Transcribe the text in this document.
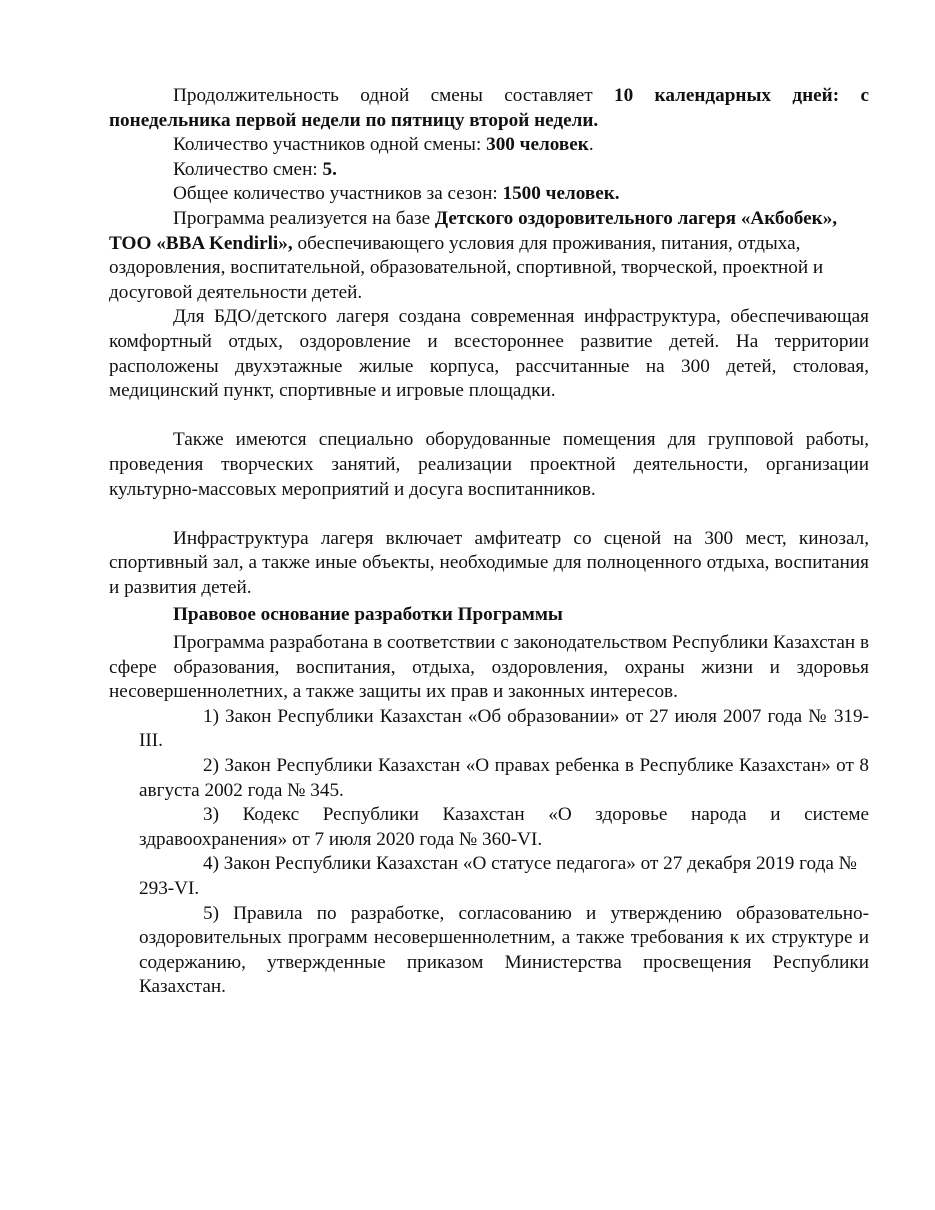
Продолжительность одной смены составляет 10 календарных дней: с понедельника первой недели по пятницу второй недели.

Количество участников одной смены: 300 человек.

Количество смен: 5.

Общее количество участников за сезон: 1500 человек.

Программа реализуется на базе Детского оздоровительного лагеря «Акбобек», ТОО «BBA Kendirli», обеспечивающего условия для проживания, питания, отдыха, оздоровления, воспитательной, образовательной, спортивной, творческой, проектной и досуговой деятельности детей.

Для БДО/детского лагеря создана современная инфраструктура, обеспечивающая комфортный отдых, оздоровление и всестороннее развитие детей. На территории расположены двухэтажные жилые корпуса, рассчитанные на 300 детей, столовая, медицинский пункт, спортивные и игровые площадки.

Также имеются специально оборудованные помещения для групповой работы, проведения творческих занятий, реализации проектной деятельности, организации культурно-массовых мероприятий и досуга воспитанников.

Инфраструктура лагеря включает амфитеатр со сценой на 300 мест, кинозал, спортивный зал, а также иные объекты, необходимые для полноценного отдыха, воспитания и развития детей.

Правовое основание разработки Программы

Программа разработана в соответствии с законодательством Республики Казахстан в сфере образования, воспитания, отдыха, оздоровления, охраны жизни и здоровья несовершеннолетних, а также защиты их прав и законных интересов.

1) Закон Республики Казахстан «Об образовании» от 27 июля 2007 года № 319-III.

2) Закон Республики Казахстан «О правах ребенка в Республике Казахстан» от 8 августа 2002 года № 345.

3) Кодекс Республики Казахстан «О здоровье народа и системе здравоохранения» от 7 июля 2020 года № 360-VI.

4) Закон Республики Казахстан «О статусе педагога» от 27 декабря 2019 года № 293-VI.

5) Правила по разработке, согласованию и утверждению образовательно-оздоровительных программ несовершеннолетним, а также требования к их структуре и содержанию, утвержденные приказом Министерства просвещения Республики Казахстан.
